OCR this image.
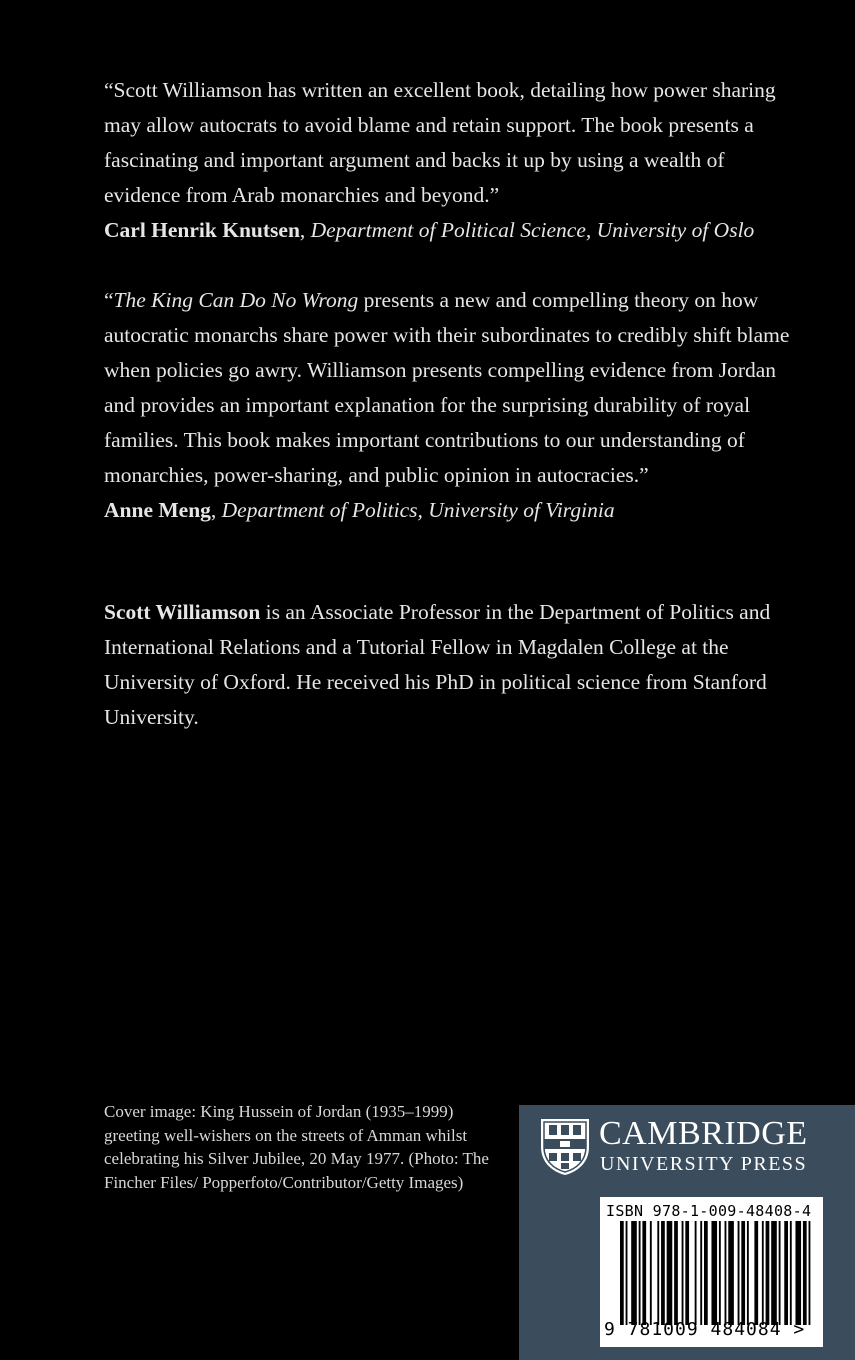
“Scott Williamson has written an excellent book, detailing how power sharing may allow autocrats to avoid blame and retain support. The book presents a fascinating and important argument and backs it up by using a wealth of evidence from Arab monarchies and beyond.”

Carl Henrik Knutsen, Department of Political Science, University of Oslo

“The King Can Do No Wrong presents a new and compelling theory on how autocratic monarchs share power with their subordinates to credibly shift blame when policies go awry. Williamson presents compelling evidence from Jordan and provides an important explanation for the surprising durability of royal families. This book makes important contributions to our understanding of monarchies, power-sharing, and public opinion in autocracies.”

Anne Meng, Department of Politics, University of Virginia

Scott Williamson is an Associate Professor in the Department of Politics and International Relations and a Tutorial Fellow in Magdalen College at the University of Oxford. He received his PhD in political science from Stanford University.

Cover image: King Hussein of Jordan (1935–1999) greeting well-wishers on the streets of Amman whilst celebrating his Silver Jubilee, 20 May 1977. (Photo: The Fincher Files/ Popperfoto/Contributor/Getty Images)
CAMBRIDGE
UNIVERSITY PRESS
ISBN 978-1-009-48408-4
9 781009 484084 >
